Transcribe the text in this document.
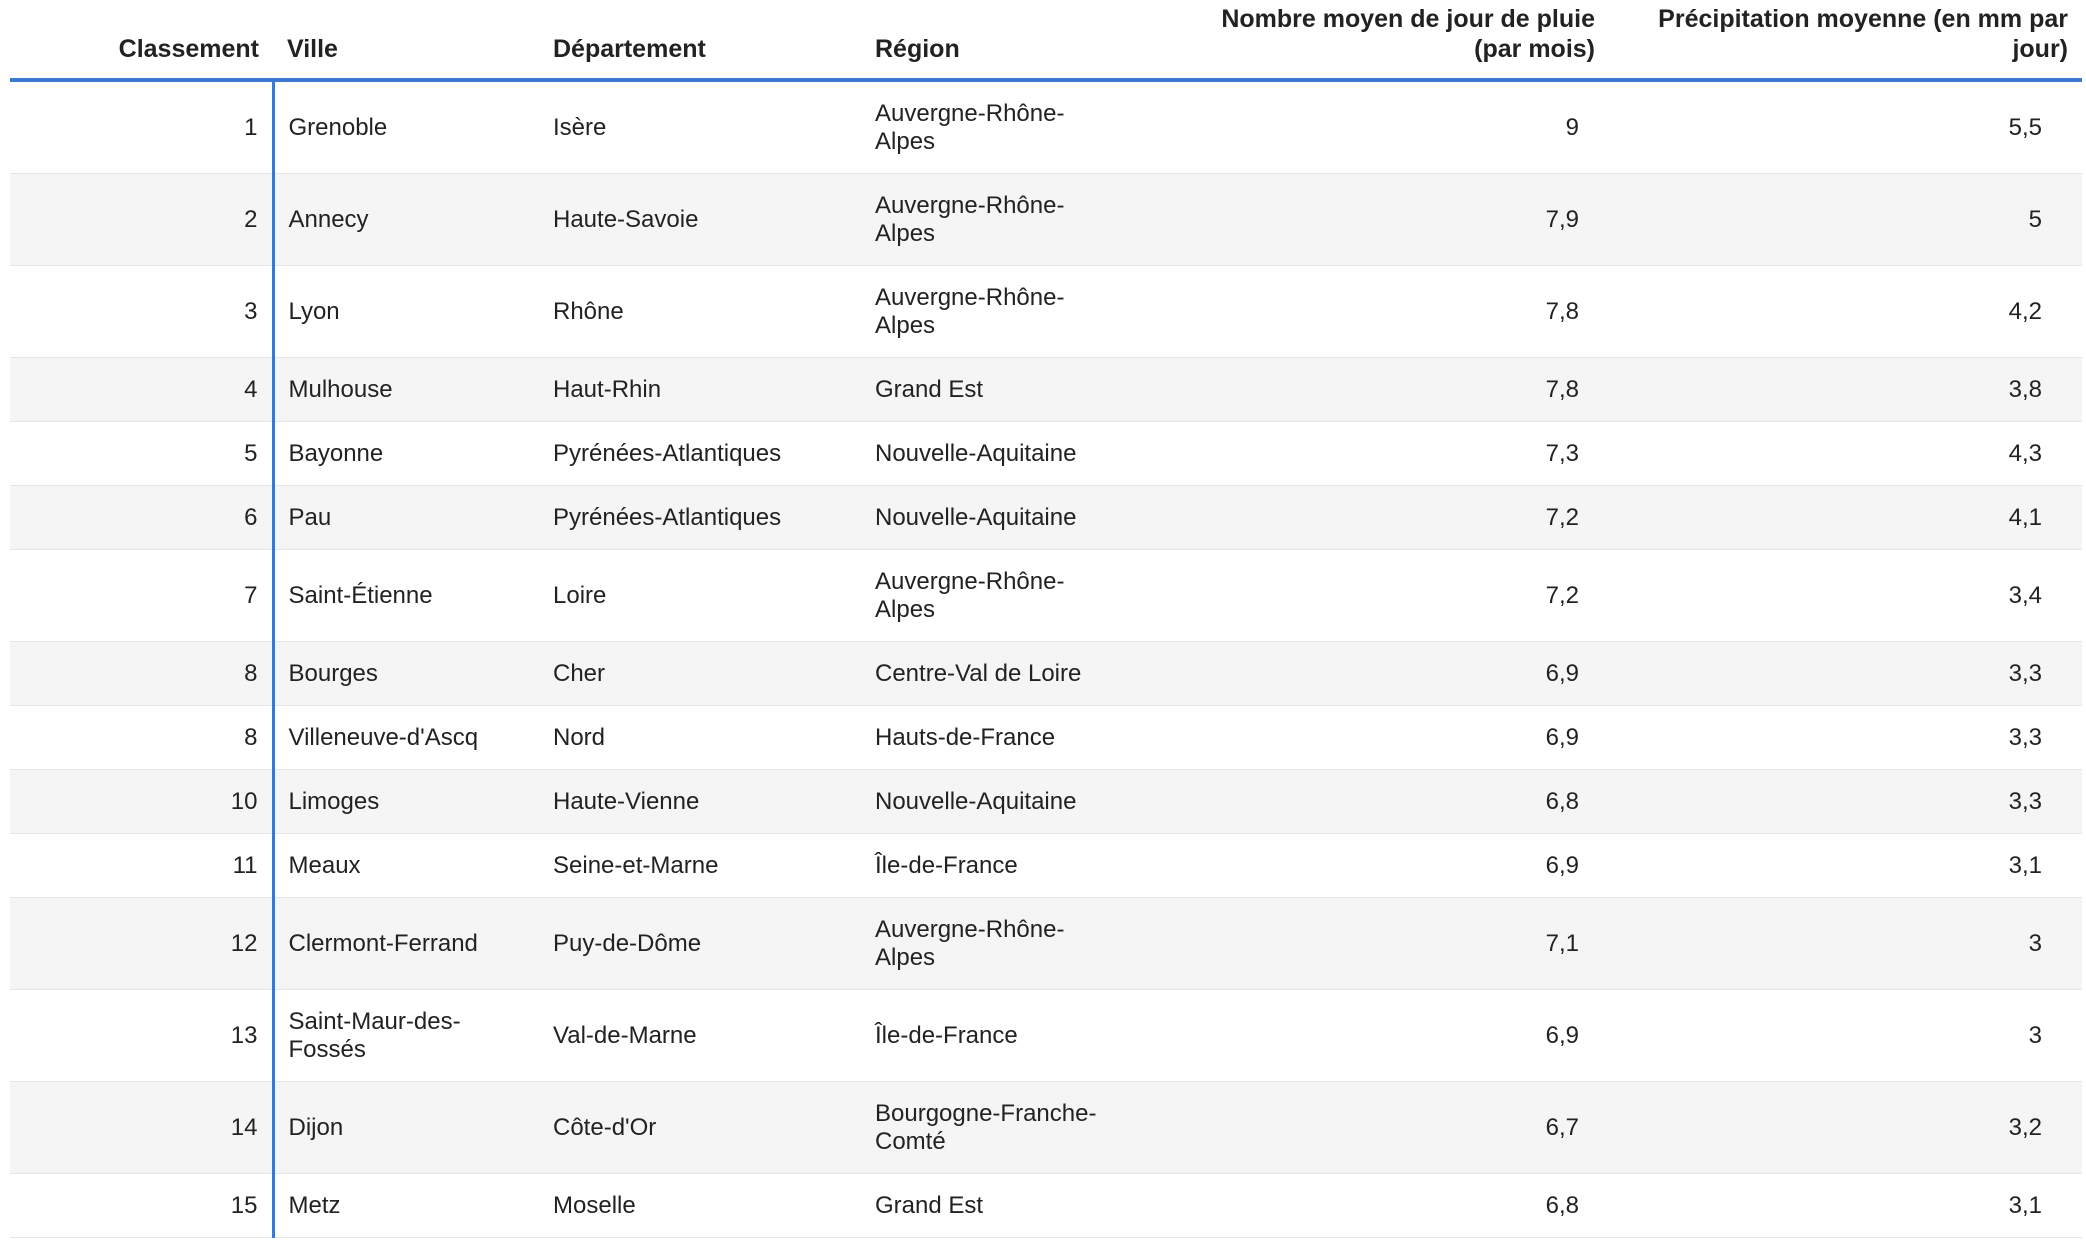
Classement	Ville	Département	Région	Nombre moyen de jour de pluie (par mois)	Précipitation moyenne (en mm par jour)
1	Grenoble	Isère	Auvergne-Rhône-Alpes	9	5,5
2	Annecy	Haute-Savoie	Auvergne-Rhône-Alpes	7,9	5
3	Lyon	Rhône	Auvergne-Rhône-Alpes	7,8	4,2
4	Mulhouse	Haut-Rhin	Grand Est	7,8	3,8
5	Bayonne	Pyrénées-Atlantiques	Nouvelle-Aquitaine	7,3	4,3
6	Pau	Pyrénées-Atlantiques	Nouvelle-Aquitaine	7,2	4,1
7	Saint-Étienne	Loire	Auvergne-Rhône-Alpes	7,2	3,4
8	Bourges	Cher	Centre-Val de Loire	6,9	3,3
8	Villeneuve-d'Ascq	Nord	Hauts-de-France	6,9	3,3
10	Limoges	Haute-Vienne	Nouvelle-Aquitaine	6,8	3,3
11	Meaux	Seine-et-Marne	Île-de-France	6,9	3,1
12	Clermont-Ferrand	Puy-de-Dôme	Auvergne-Rhône-Alpes	7,1	3
13	Saint-Maur-des-Fossés	Val-de-Marne	Île-de-France	6,9	3
14	Dijon	Côte-d'Or	Bourgogne-Franche-Comté	6,7	3,2
15	Metz	Moselle	Grand Est	6,8	3,1
